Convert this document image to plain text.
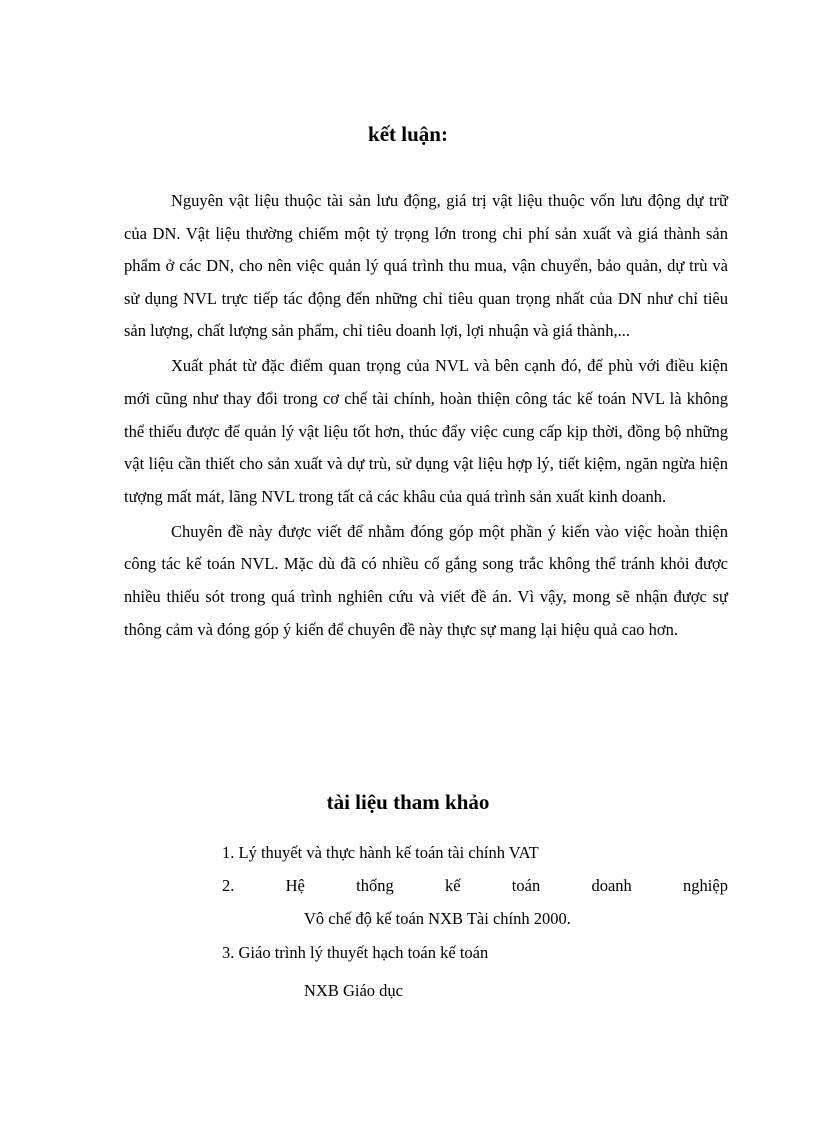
kết luận:

Nguyên vật liệu thuộc tài sản lưu động, giá trị vật liệu thuộc vốn lưu động dự trữ của DN. Vật liệu thường chiếm một tỷ trọng lớn trong chi phí sản xuất và giá thành sản phẩm ở các DN, cho nên việc quản lý quá trình thu mua, vận chuyển, bảo quản, dự trù và sử dụng NVL trực tiếp tác động đến những chỉ tiêu quan trọng nhất của DN như chỉ tiêu sản lượng, chất lượng sản phẩm, chỉ tiêu doanh lợi, lợi nhuận và giá thành,...

Xuất phát từ đặc điểm quan trọng của NVL và bên cạnh đó, để phù với điều kiện mới cũng như thay đổi trong cơ chế tài chính, hoàn thiện công tác kế toán NVL là không thể thiếu được để quản lý vật liệu tốt hơn, thúc đẩy việc cung cấp kịp thời, đồng bộ những vật liệu cần thiết cho sản xuất và dự trù, sử dụng vật liệu hợp lý, tiết kiệm, ngăn ngừa hiện tượng mất mát, lãng NVL trong tất cả các khâu của quá trình sản xuất kinh doanh.

Chuyên đề này được viết để nhằm đóng góp một phần ý kiến vào việc hoàn thiện công tác kế toán NVL. Mặc dù đã có nhiều cố gắng song trắc không thể tránh khỏi được nhiều thiếu sót trong quá trình nghiên cứu và viết đề án. Vì vậy, mong sẽ nhận được sự thông cảm và đóng góp ý kiến để chuyên đề này thực sự mang lại hiệu quả cao hơn.

tài liệu tham khảo
1. Lý thuyết và thực hành kế toán tài chính VAT
2.	Hệ	thống	kế	toán	doanh	nghiệp
Vô chế độ kế toán NXB Tài chính 2000.
3. Giáo trình lý thuyết hạch toán kế toán
NXB Giáo dục
